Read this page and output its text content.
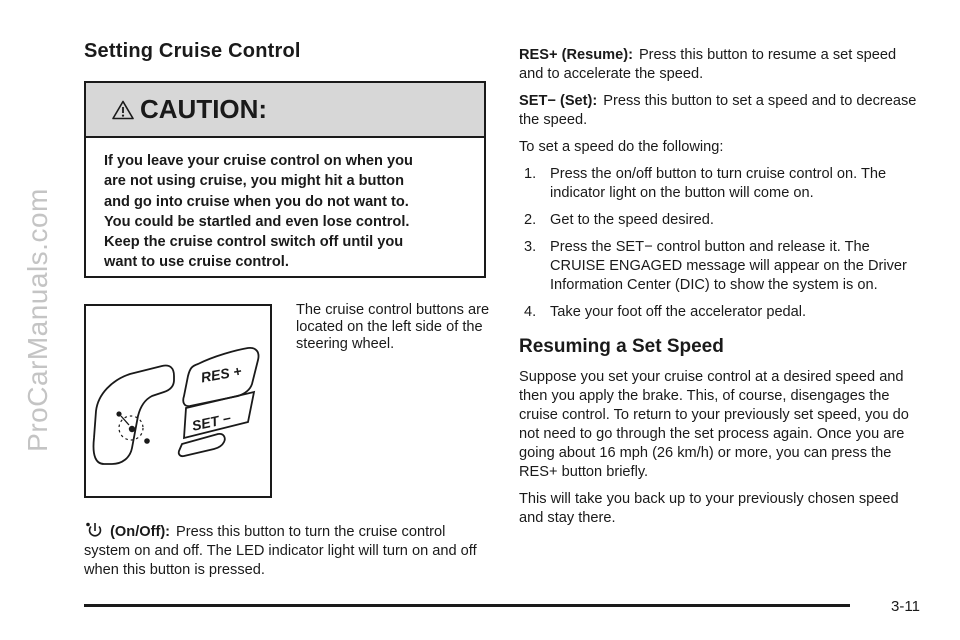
ProCarManuals.com
Setting Cruise Control
CAUTION:
If you leave your cruise control on when you
are not using cruise, you might hit a button
and go into cruise when you do not want to.
You could be startled and even lose control.
Keep the cruise control switch off until you
want to use cruise control.
RES +
SET −
The cruise control buttons are located on the left side of the steering wheel.
(On/Off): Press this button to turn the cruise control system on and off. The LED indicator light will turn on and off when this button is pressed.

RES+ (Resume): Press this button to resume a set speed and to accelerate the speed.

SET− (Set): Press this button to set a speed and to decrease the speed.

To set a speed do the following:

1. Press the on/off button to turn cruise control on. The indicator light on the button will come on.
2. Get to the speed desired.
3. Press the SET− control button and release it. The CRUISE ENGAGED message will appear on the Driver Information Center (DIC) to show the system is on.
4. Take your foot off the accelerator pedal.
Resuming a Set Speed

Suppose you set your cruise control at a desired speed and then you apply the brake. This, of course, disengages the cruise control. To return to your previously set speed, you do not need to go through the set process again. Once you are going about 16 mph (26 km/h) or more, you can press the RES+ button briefly.

This will take you back up to your previously chosen speed and stay there.

3-11
